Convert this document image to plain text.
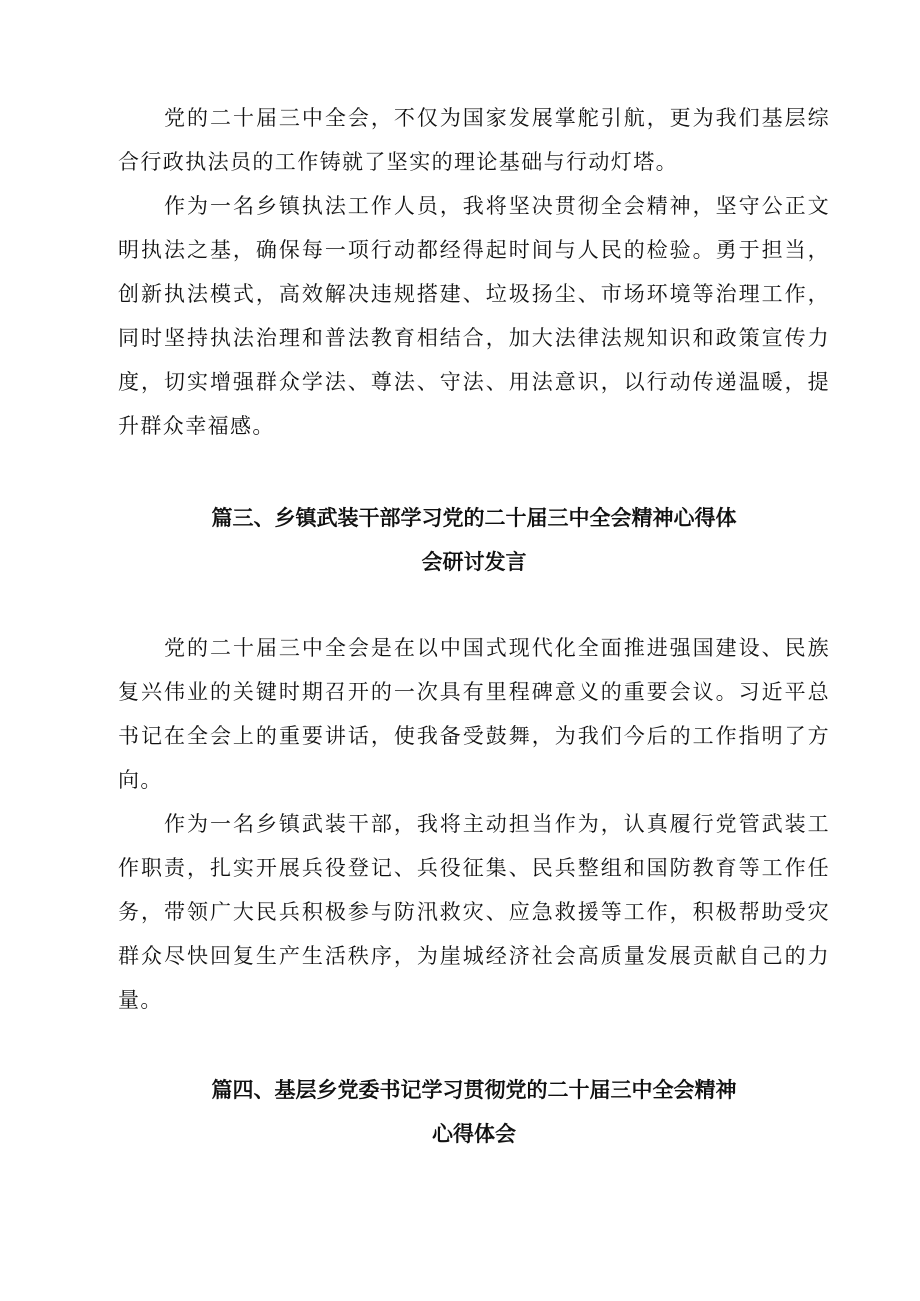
党的二十届三中全会，不仅为国家发展掌舵引航，更为我们基层综合行政执法员的工作铸就了坚实的理论基础与行动灯塔。

作为一名乡镇执法工作人员，我将坚决贯彻全会精神，坚守公正文明执法之基，确保每一项行动都经得起时间与人民的检验。勇于担当，创新执法模式，高效解决违规搭建、垃圾扬尘、市场环境等治理工作，同时坚持执法治理和普法教育相结合，加大法律法规知识和政策宣传力度，切实增强群众学法、尊法、守法、用法意识，以行动传递温暖，提升群众幸福感。

篇三、乡镇武装干部学习党的二十届三中全会精神心得体
会研讨发言

党的二十届三中全会是在以中国式现代化全面推进强国建设、民族复兴伟业的关键时期召开的一次具有里程碑意义的重要会议。习近平总书记在全会上的重要讲话，使我备受鼓舞，为我们今后的工作指明了方向。

作为一名乡镇武装干部，我将主动担当作为，认真履行党管武装工作职责，扎实开展兵役登记、兵役征集、民兵整组和国防教育等工作任务，带领广大民兵积极参与防汛救灾、应急救援等工作，积极帮助受灾群众尽快回复生产生活秩序，为崖城经济社会高质量发展贡献自己的力量。

篇四、基层乡党委书记学习贯彻党的二十届三中全会精神
心得体会
